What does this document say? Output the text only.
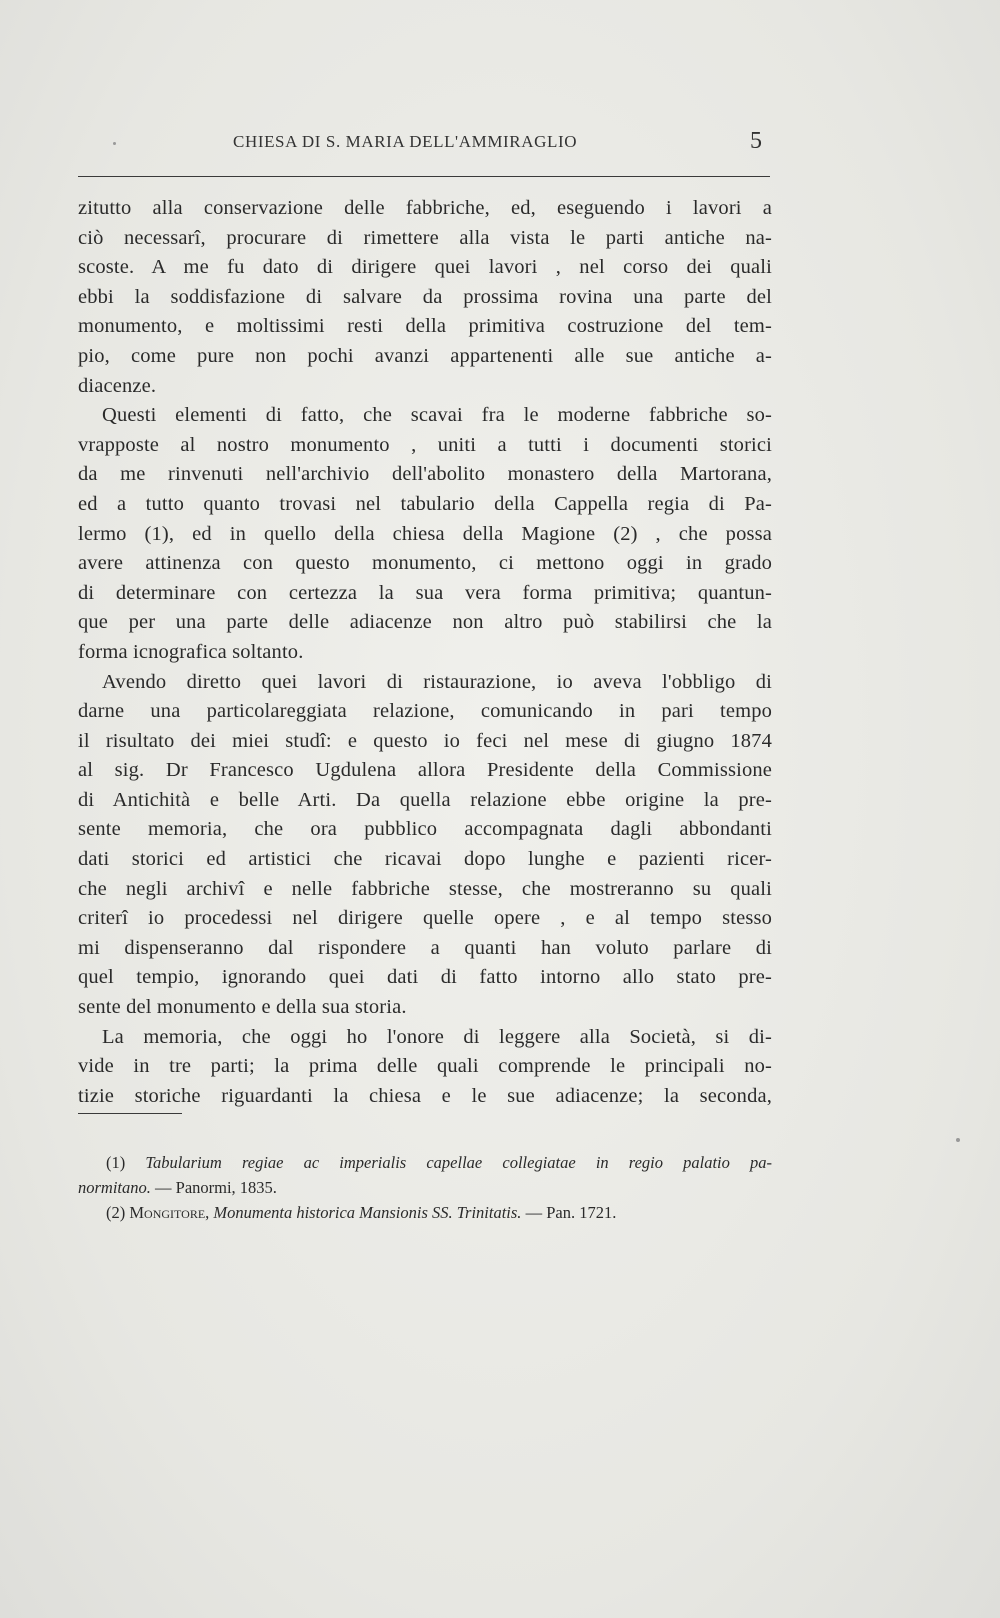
CHIESA DI S. MARIA DELL'AMMIRAGLIO	5
zitutto alla conservazione delle fabbriche, ed, eseguendo i lavori a
ciò necessarî, procurare di rimettere alla vista le parti antiche na-
scoste. A me fu dato di dirigere quei lavori , nel corso dei quali
ebbi la soddisfazione di salvare da prossima rovina una parte del
monumento, e moltissimi resti della primitiva costruzione del tem-
pio, come pure non pochi avanzi appartenenti alle sue antiche a-
diacenze.
Questi elementi di fatto, che scavai fra le moderne fabbriche so-
vrapposte al nostro monumento , uniti a tutti i documenti storici
da me rinvenuti nell'archivio dell'abolito monastero della Martorana,
ed a tutto quanto trovasi nel tabulario della Cappella regia di Pa-
lermo (1), ed in quello della chiesa della Magione (2) , che possa
avere attinenza con questo monumento, ci mettono oggi in grado
di determinare con certezza la sua vera forma primitiva; quantun-
que per una parte delle adiacenze non altro può stabilirsi che la
forma icnografica soltanto.
Avendo diretto quei lavori di ristaurazione, io aveva l'obbligo di
darne una particolareggiata relazione, comunicando in pari tempo
il risultato dei miei studî: e questo io feci nel mese di giugno 1874
al sig. Dr Francesco Ugdulena allora Presidente della Commissione
di Antichità e belle Arti. Da quella relazione ebbe origine la pre-
sente memoria, che ora pubblico accompagnata dagli abbondanti
dati storici ed artistici che ricavai dopo lunghe e pazienti ricer-
che negli archivî e nelle fabbriche stesse, che mostreranno su quali
criterî io procedessi nel dirigere quelle opere , e al tempo stesso
mi dispenseranno dal rispondere a quanti han voluto parlare di
quel tempio, ignorando quei dati di fatto intorno allo stato pre-
sente del monumento e della sua storia.
La memoria, che oggi ho l'onore di leggere alla Società, si di-
vide in tre parti; la prima delle quali comprende le principali no-
tizie storiche riguardanti la chiesa e le sue adiacenze; la seconda,
(1) Tabularium regiae ac imperialis capellae collegiatae in regio palatio pa-
normitano. — Panormi, 1835.
(2) Mongitore, Monumenta historica Mansionis SS. Trinitatis. — Pan. 1721.
